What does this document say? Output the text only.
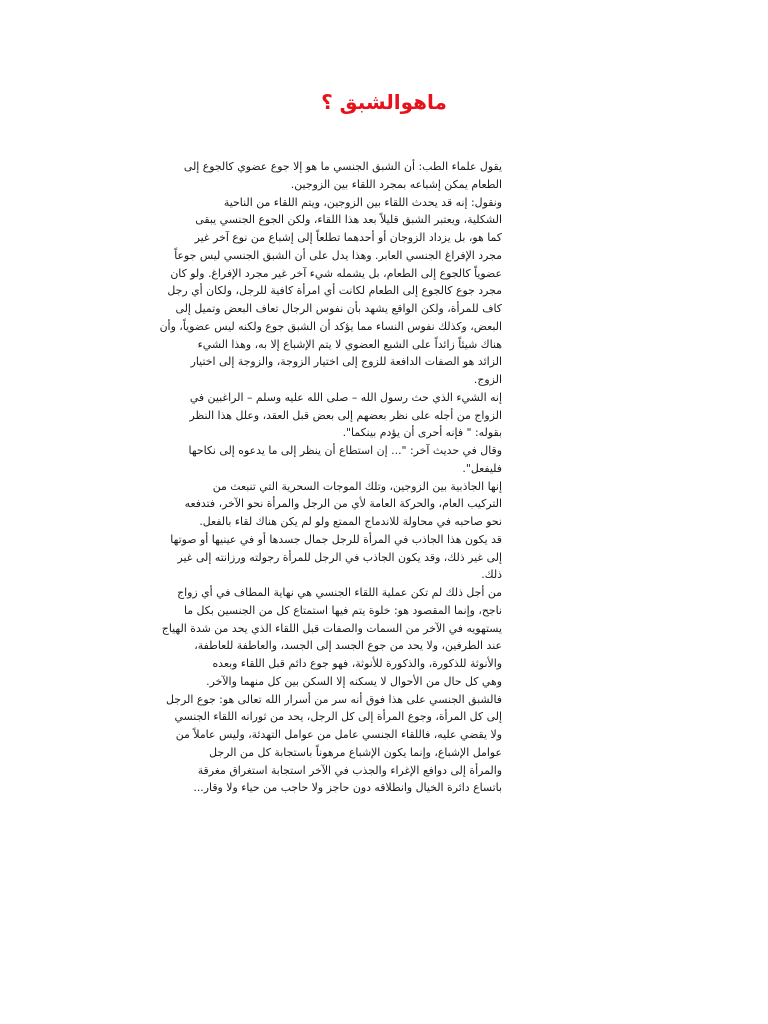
ماهوالشبق ؟
يقول علماء الطب: أن الشبق الجنسي ما هو إلا جوع عضوي كالجوع إلى
الطعام يمكن إشباعه بمجرد اللقاء بين الزوجين.
ونقول: إنه قد يحدث اللقاء بين الزوجين، ويتم اللقاء من الناحية
الشكلية، ويعتبر الشبق قليلاً بعد هذا اللقاء، ولكن الجوع الجنسي يبقى
كما هو، بل يزداد الزوجان أو أحدهما تطلعاً إلى إشباع من نوع آخر غير
مجرد الإفراغ الجنسي العابر. وهذا يدل على أن الشبق الجنسي ليس جوعاً
عضوياً كالجوع إلى الطعام، بل يشمله شيء آخر غير مجرد الإفراغ. ولو كان
مجرد جوع كالجوع إلى الطعام لكانت أي امرأة كافية للرجل، ولكان أي رجل
كاف للمرأة، ولكن الواقع يشهد بأن نفوس الرجال تعاف البعض وتميل إلى
البعض، وكذلك نفوس النساء مما يؤكد أن الشبق جوع ولكنه ليس عضوياً، وأن
هناك شيئاً زائداً على الشبع العضوي لا يتم الإشباع إلا به، وهذا الشيء
الزائد هو الصفات الدافعة للزوج إلى اختيار الزوجة، والزوجة إلى اختيار
الزوج.
إنه الشيء الذي حث رسول الله – صلى الله عليه وسلم – الراغبين في
الزواج من أجله على نظر بعضهم إلى بعض قبل العقد، وعلل هذا النظر
بقوله: " فإنه أحرى أن يؤدم بينكما".
وقال في حديث آخر: "... إن استطاع أن ينظر إلى ما يدعوه إلى نكاحها
فليفعل".
إنها الجاذبية بين الزوجين، وتلك الموجات السحرية التي تنبعث من
التركيب العام، والحركة العامة لأي من الرجل والمرأة نحو الآخر، فتدفعه
نحو صاحبه في محاولة للاندماج الممتع ولو لم يكن هناك لقاء بالفعل.
قد يكون هذا الجاذب في المرأة للرجل جمال جسدها أو في عينيها أو صوتها
إلى غير ذلك، وقد يكون الجاذب في الرجل للمرأة رجولته ورزانته إلى غير
ذلك.
من أجل ذلك لم تكن عملية اللقاء الجنسي هي نهاية المطاف في أي زواج
ناجح، وإنما المقصود هو: خلوة يتم فيها استمتاع كل من الجنسين بكل ما
يستهويه في الآخر من السمات والصفات قبل اللقاء الذي يحد من شدة الهياج
عند الطرفين، ولا يحد من جوع الجسد إلى الجسد، والعاطفة للعاطفة،
والأنوثة للذكورة، والذكورة للأنوثة، فهو جوع دائم قبل اللقاء وبعده
وهي كل حال من الأحوال لا يسكنه إلا السكن بين كل منهما والآخر.
فالشبق الجنسي على هذا فوق أنه سر من أسرار الله تعالى هو: جوع الرجل
إلى كل المرأة، وجوع المرأة إلى كل الرجل، يحد من ثورانه اللقاء الجنسي
ولا يقضي عليه، فاللقاء الجنسي عامل من عوامل التهدئة، وليس عاملاً من
عوامل الإشباع، وإنما يكون الإشباع مرهوناً باستجابة كل من الرجل
والمرأة إلى دوافع الإغراء والجذب في الآخر استجابة استغراق مغرقة
باتساع دائرة الخيال وانطلاقه دون حاجز ولا حاجب من حياء ولا وقار...
